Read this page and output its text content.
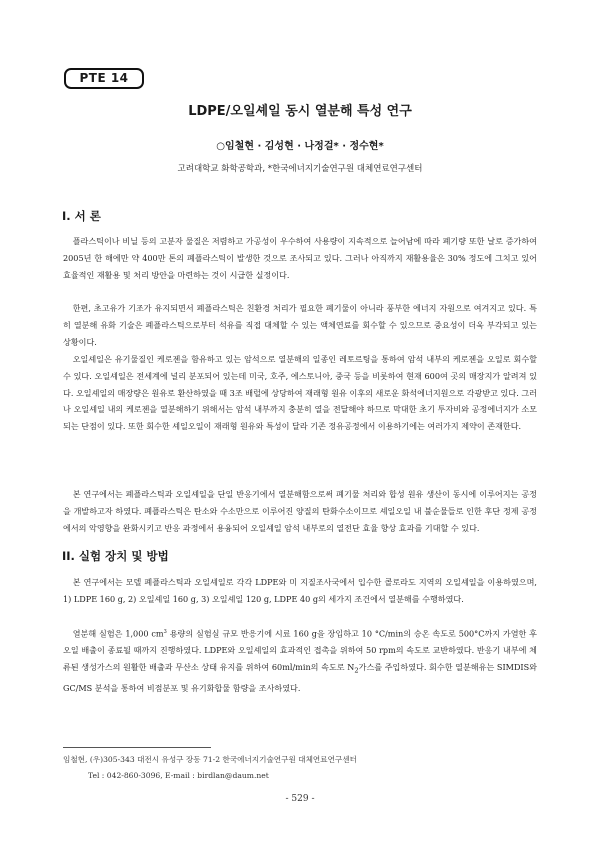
PTE 14
LDPE/오일셰일 동시 열분해 특성 연구
○임철현 · 김성현 · 나정걸* · 정수현*
고려대학교 화학공학과, *한국에너지기술연구원 대체연료연구센터
I. 서 론

플라스틱이나 비닐 등의 고분자 물질은 저렴하고 가공성이 우수하여 사용량이 지속적으로 늘어남에 따라 폐기량 또한 날로 증가하여 2005년 한 해에만 약 400만 톤의 폐플라스틱이 발생한 것으로 조사되고 있다. 그러나 아직까지 재활용율은 30% 정도에 그치고 있어 효율적인 재활용 및 처리 방안을 마련하는 것이 시급한 실정이다.

한편, 초고유가 기조가 유지되면서 폐플라스틱은 친환경 처리가 필요한 폐기물이 아니라 풍부한 에너지 자원으로 여겨지고 있다. 특히 열분해 유화 기술은 폐플라스틱으로부터 석유를 직접 대체할 수 있는 액체연료를 회수할 수 있으므로 중요성이 더욱 부각되고 있는 상황이다.

오일셰일은 유기물질인 케로젠을 함유하고 있는 암석으로 열분해의 일종인 레토르팅을 통하여 암석 내부의 케로젠을 오일로 회수할 수 있다. 오일셰일은 전세계에 널리 분포되어 있는데 미국, 호주, 에스토니아, 중국 등을 비롯하여 현재 600여 곳의 매장지가 알려져 있다. 오일셰일의 매장량은 원유로 환산하였을 때 3조 배럴에 상당하여 재래형 원유 이후의 새로운 화석에너지원으로 각광받고 있다. 그러나 오일셰일 내의 케로젠을 열분해하기 위해서는 암석 내부까지 충분히 열을 전달해야 하므로 막대한 초기 투자비와 공정에너지가 소모되는 단점이 있다. 또한 회수한 셰일오일이 재래형 원유와 특성이 달라 기존 정유공정에서 이용하기에는 여러가지 제약이 존재한다.

본 연구에서는 폐플라스틱과 오일셰일을 단일 반응기에서 열분해함으로써 폐기물 처리와 합성 원유 생산이 동시에 이루어지는 공정을 개발하고자 하였다. 폐플라스틱은 탄소와 수소만으로 이루어진 양질의 탄화수소이므로 셰일오일 내 불순물들로 인한 후단 정제 공정에서의 악영향을 완화시키고 반응 과정에서 용융되어 오일셰일 암석 내부로의 열전단 효율 향상 효과를 기대할 수 있다.

II. 실험 장치 및 방법

본 연구에서는 모델 폐플라스틱과 오일셰일로 각각 LDPE와 미 지질조사국에서 입수한 콜로라도 지역의 오일셰일을 이용하였으며, 1) LDPE 160 g, 2) 오일셰일 160 g, 3) 오일셰일 120 g, LDPE 40 g의 세가지 조건에서 열분해를 수행하였다.

열분해 실험은 1,000 $cm^3$ 용량의 실험실 규모 반응기에 시료 160 g을 장입하고 10 °C/min의 승온 속도로 500°C까지 가열한 후 오일 배출이 종료될 때까지 진행하였다. LDPE와 오일셰일의 효과적인 접촉을 위하여 50 rpm의 속도로 교반하였다. 반응기 내부에 체류된 생성가스의 원활한 배출과 무산소 상태 유지를 위하여 60ml/min의 속도로 $N_2$가스를 주입하였다. 회수한 열분해유는 SIMDIS와 GC/MS 분석을 통하여 비점분포 및 유기화합물 함량을 조사하였다.

임철현, (우)305-343 대전시 유성구 장동 71-2 한국에너지기술연구원 대체연료연구센터
Tel : 042-860-3096, E-mail : birdlan@daum.net
- 529 -
